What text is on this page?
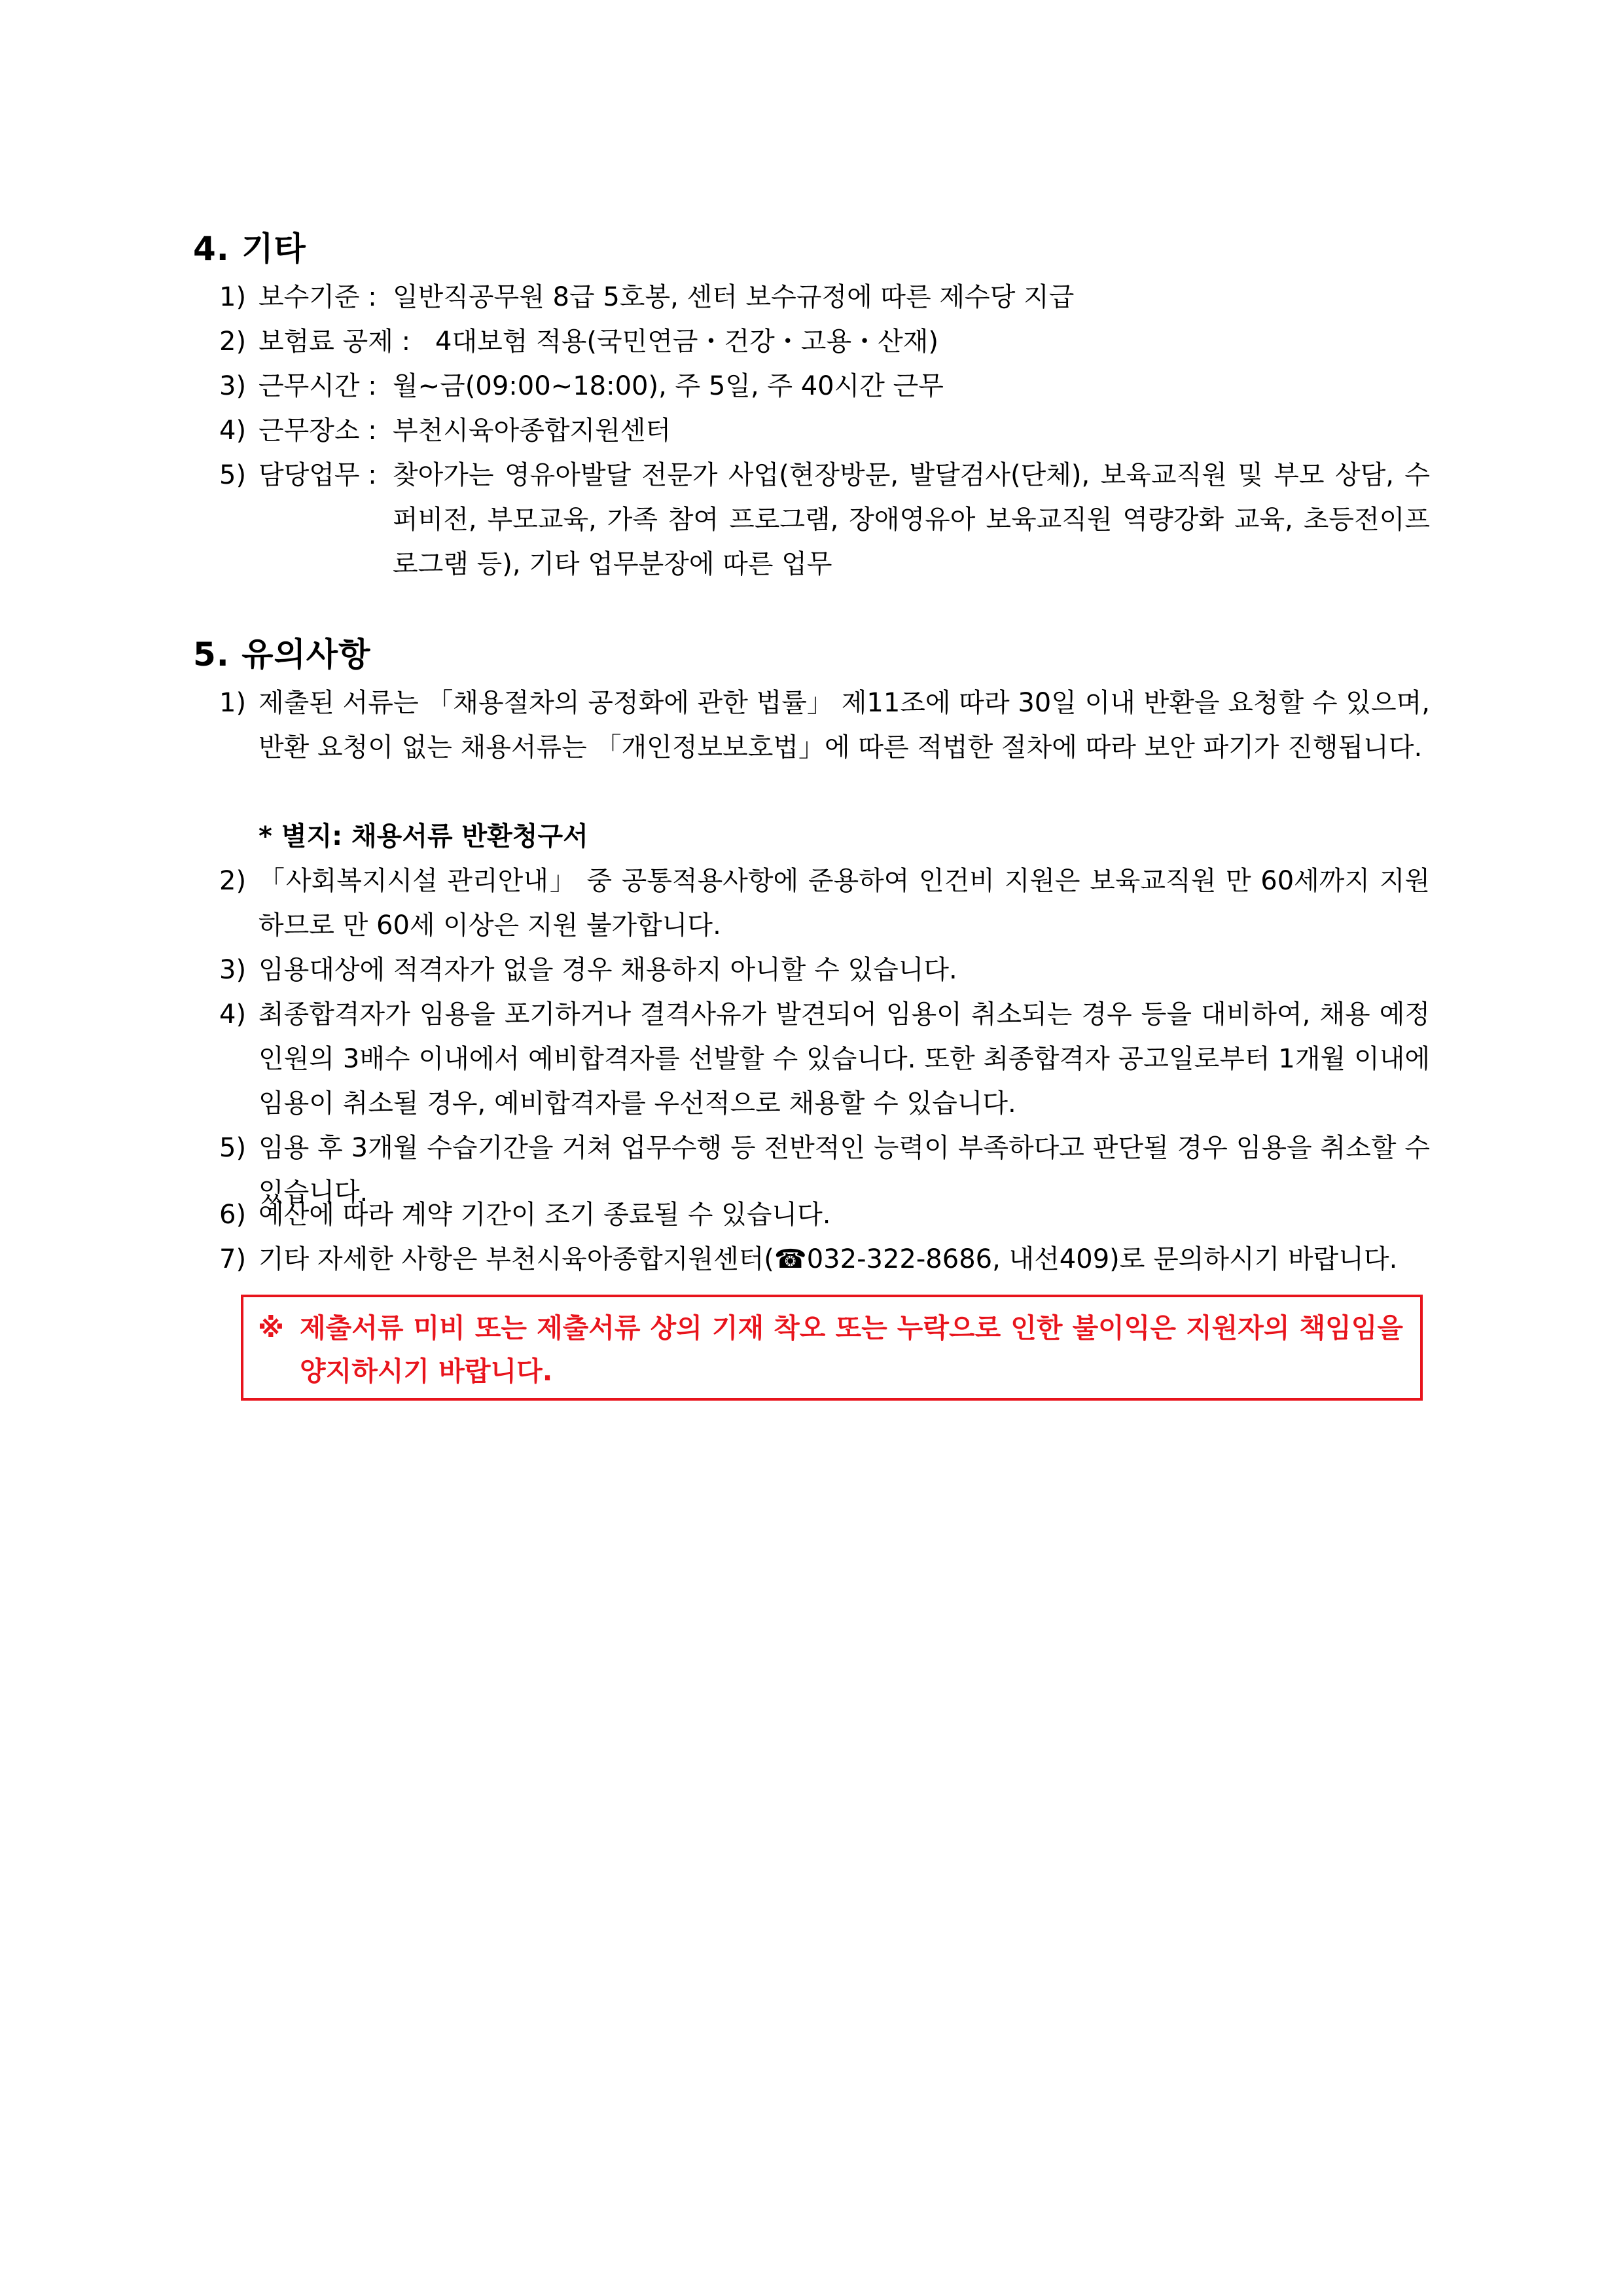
4. 기타
1) 보수기준 : 일반직공무원 8급 5호봉, 센터 보수규정에 따른 제수당 지급
2) 보험료 공제 : 4대보험 적용(국민연금・건강・고용・산재)
3) 근무시간 : 월~금(09:00~18:00), 주 5일, 주 40시간 근무
4) 근무장소 : 부천시육아종합지원센터
5) 담당업무 : 찾아가는 영유아발달 전문가 사업(현장방문, 발달검사(단체), 보육교직원 및 부모 상담, 수퍼비전, 부모교육, 가족 참여 프로그램, 장애영유아 보육교직원 역량강화 교육, 초등전이프로그램 등), 기타 업무분장에 따른 업무
5. 유의사항
1) 제출된 서류는 「채용절차의 공정화에 관한 법률」 제11조에 따라 30일 이내 반환을 요청할 수 있으며, 반환 요청이 없는 채용서류는 「개인정보보호법」에 따른 적법한 절차에 따라 보안 파기가 진행됩니다.
* 별지: 채용서류 반환청구서
2) 「사회복지시설 관리안내」 중 공통적용사항에 준용하여 인건비 지원은 보육교직원 만 60세까지 지원하므로 만 60세 이상은 지원 불가합니다.
3) 임용대상에 적격자가 없을 경우 채용하지 아니할 수 있습니다.
4) 최종합격자가 임용을 포기하거나 결격사유가 발견되어 임용이 취소되는 경우 등을 대비하여, 채용 예정 인원의 3배수 이내에서 예비합격자를 선발할 수 있습니다. 또한 최종합격자 공고일로부터 1개월 이내에 임용이 취소될 경우, 예비합격자를 우선적으로 채용할 수 있습니다.
5) 임용 후 3개월 수습기간을 거쳐 업무수행 등 전반적인 능력이 부족하다고 판단될 경우 임용을 취소할 수 있습니다.
6) 예산에 따라 계약 기간이 조기 종료될 수 있습니다.
7) 기타 자세한 사항은 부천시육아종합지원센터(☎032-322-8686, 내선409)로 문의하시기 바랍니다.
※ 제출서류 미비 또는 제출서류 상의 기재 착오 또는 누락으로 인한 불이익은 지원자의 책임임을 양지하시기 바랍니다.
